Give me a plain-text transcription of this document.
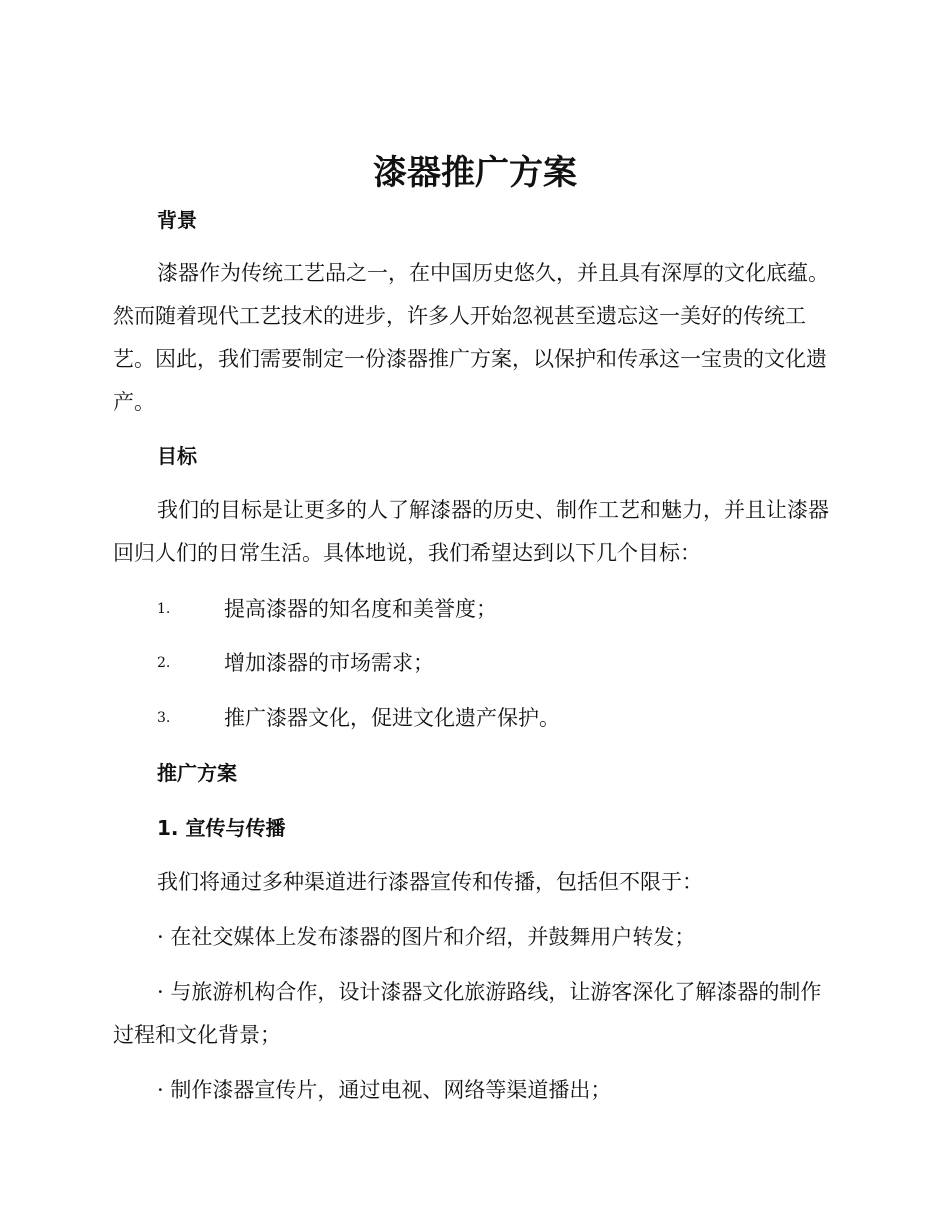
漆器推广方案
背景

漆器作为传统工艺品之一，在中国历史悠久，并且具有深厚的文化底蕴。然而随着现代工艺技术的进步，许多人开始忽视甚至遗忘这一美好的传统工艺。因此，我们需要制定一份漆器推广方案，以保护和传承这一宝贵的文化遗产。

目标

我们的目标是让更多的人了解漆器的历史、制作工艺和魅力，并且让漆器回归人们的日常生活。具体地说，我们希望达到以下几个目标：

1.	提高漆器的知名度和美誉度；
2.	增加漆器的市场需求；
3.	推广漆器文化，促进文化遗产保护。
推广方案
1. 宣传与传播

我们将通过多种渠道进行漆器宣传和传播，包括但不限于：

· 在社交媒体上发布漆器的图片和介绍，并鼓舞用户转发；

· 与旅游机构合作，设计漆器文化旅游路线，让游客深化了解漆器的制作过程和文化背景；

· 制作漆器宣传片，通过电视、网络等渠道播出；
